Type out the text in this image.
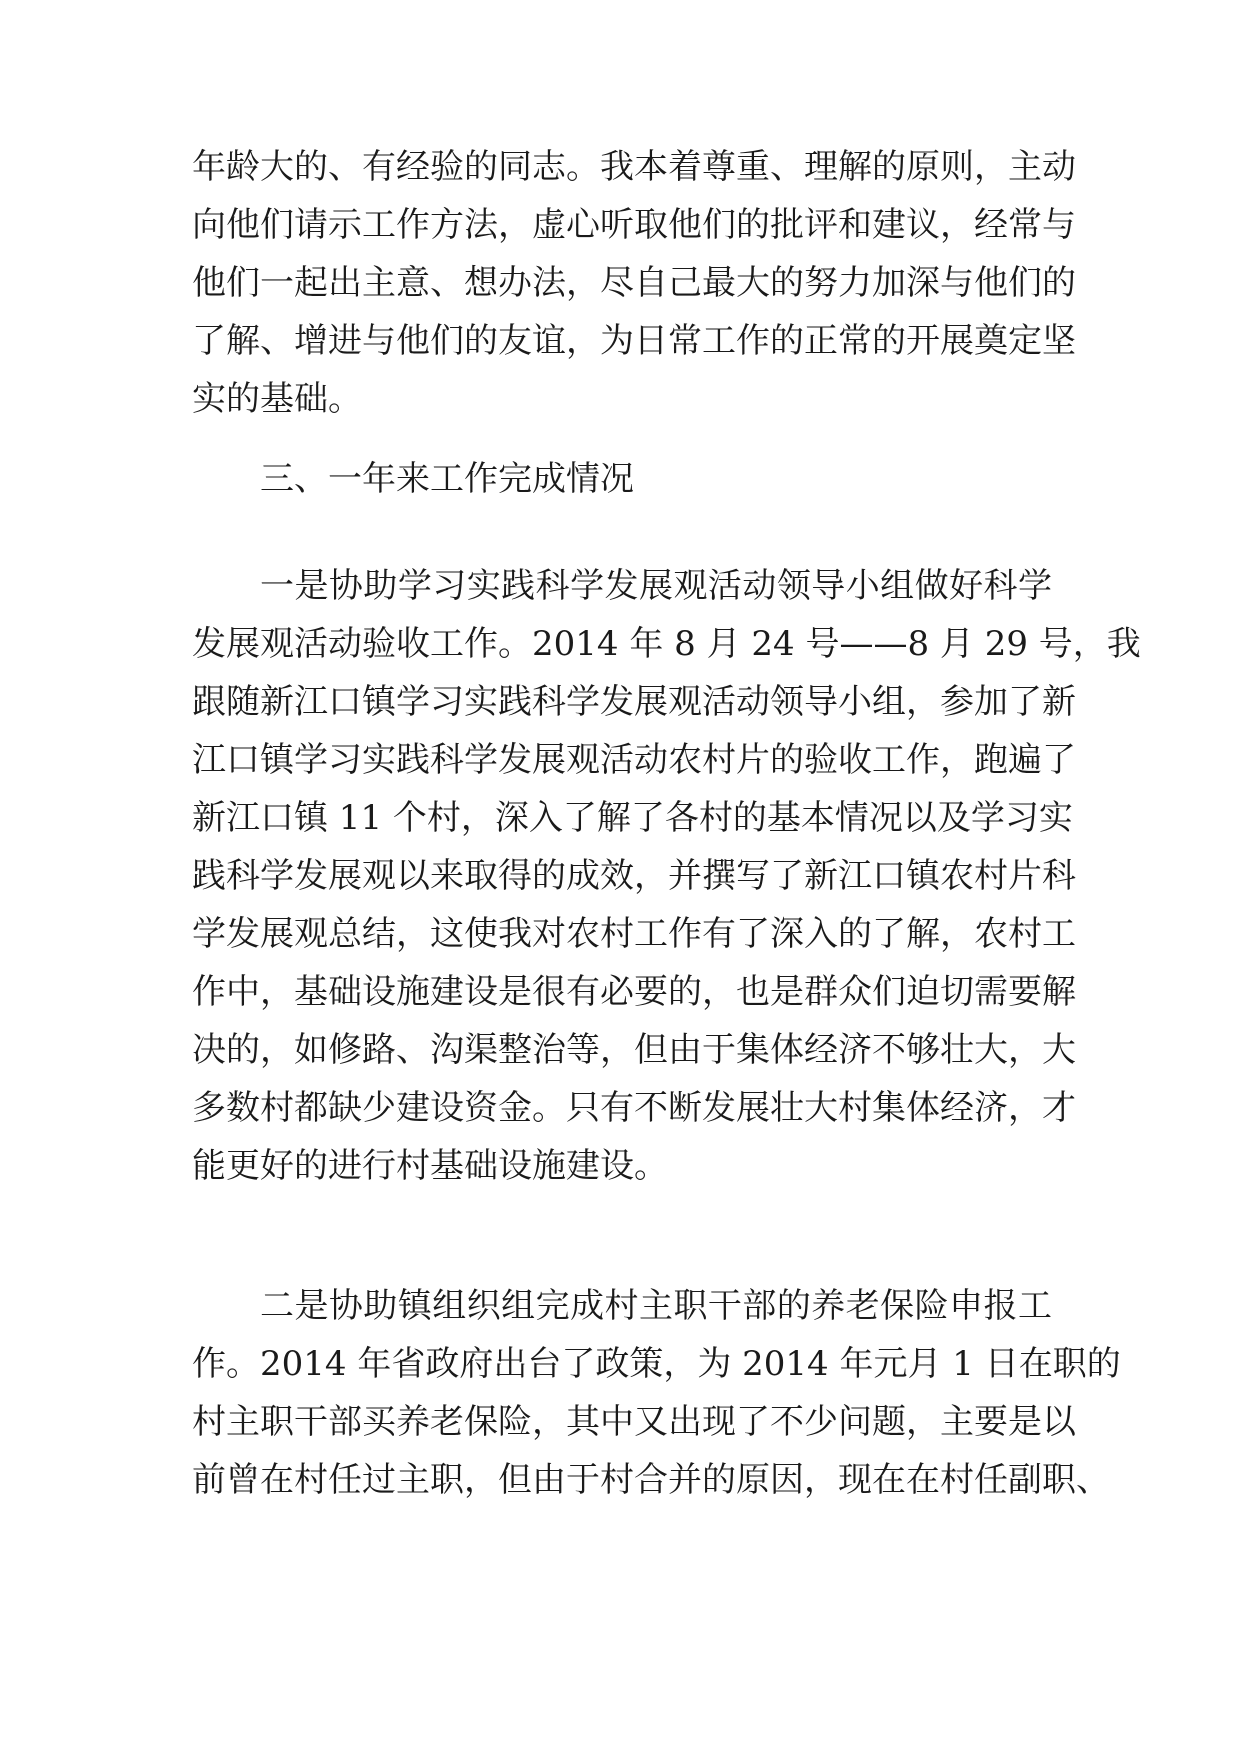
年龄大的、有经验的同志。我本着尊重、理解的原则，主动
向他们请示工作方法，虚心听取他们的批评和建议，经常与
他们一起出主意、想办法，尽自己最大的努力加深与他们的
了解、增进与他们的友谊，为日常工作的正常的开展奠定坚
实的基础。
三、一年来工作完成情况
一是协助学习实践科学发展观活动领导小组做好科学
发展观活动验收工作。2014 年 8 月 24 号——8 月 29 号，我
跟随新江口镇学习实践科学发展观活动领导小组，参加了新
江口镇学习实践科学发展观活动农村片的验收工作，跑遍了
新江口镇 11 个村，深入了解了各村的基本情况以及学习实
践科学发展观以来取得的成效，并撰写了新江口镇农村片科
学发展观总结，这使我对农村工作有了深入的了解，农村工
作中，基础设施建设是很有必要的，也是群众们迫切需要解
决的，如修路、沟渠整治等，但由于集体经济不够壮大，大
多数村都缺少建设资金。只有不断发展壮大村集体经济，才
能更好的进行村基础设施建设。
二是协助镇组织组完成村主职干部的养老保险申报工
作。2014 年省政府出台了政策，为 2014 年元月 1 日在职的
村主职干部买养老保险，其中又出现了不少问题，主要是以
前曾在村任过主职，但由于村合并的原因，现在在村任副职、
